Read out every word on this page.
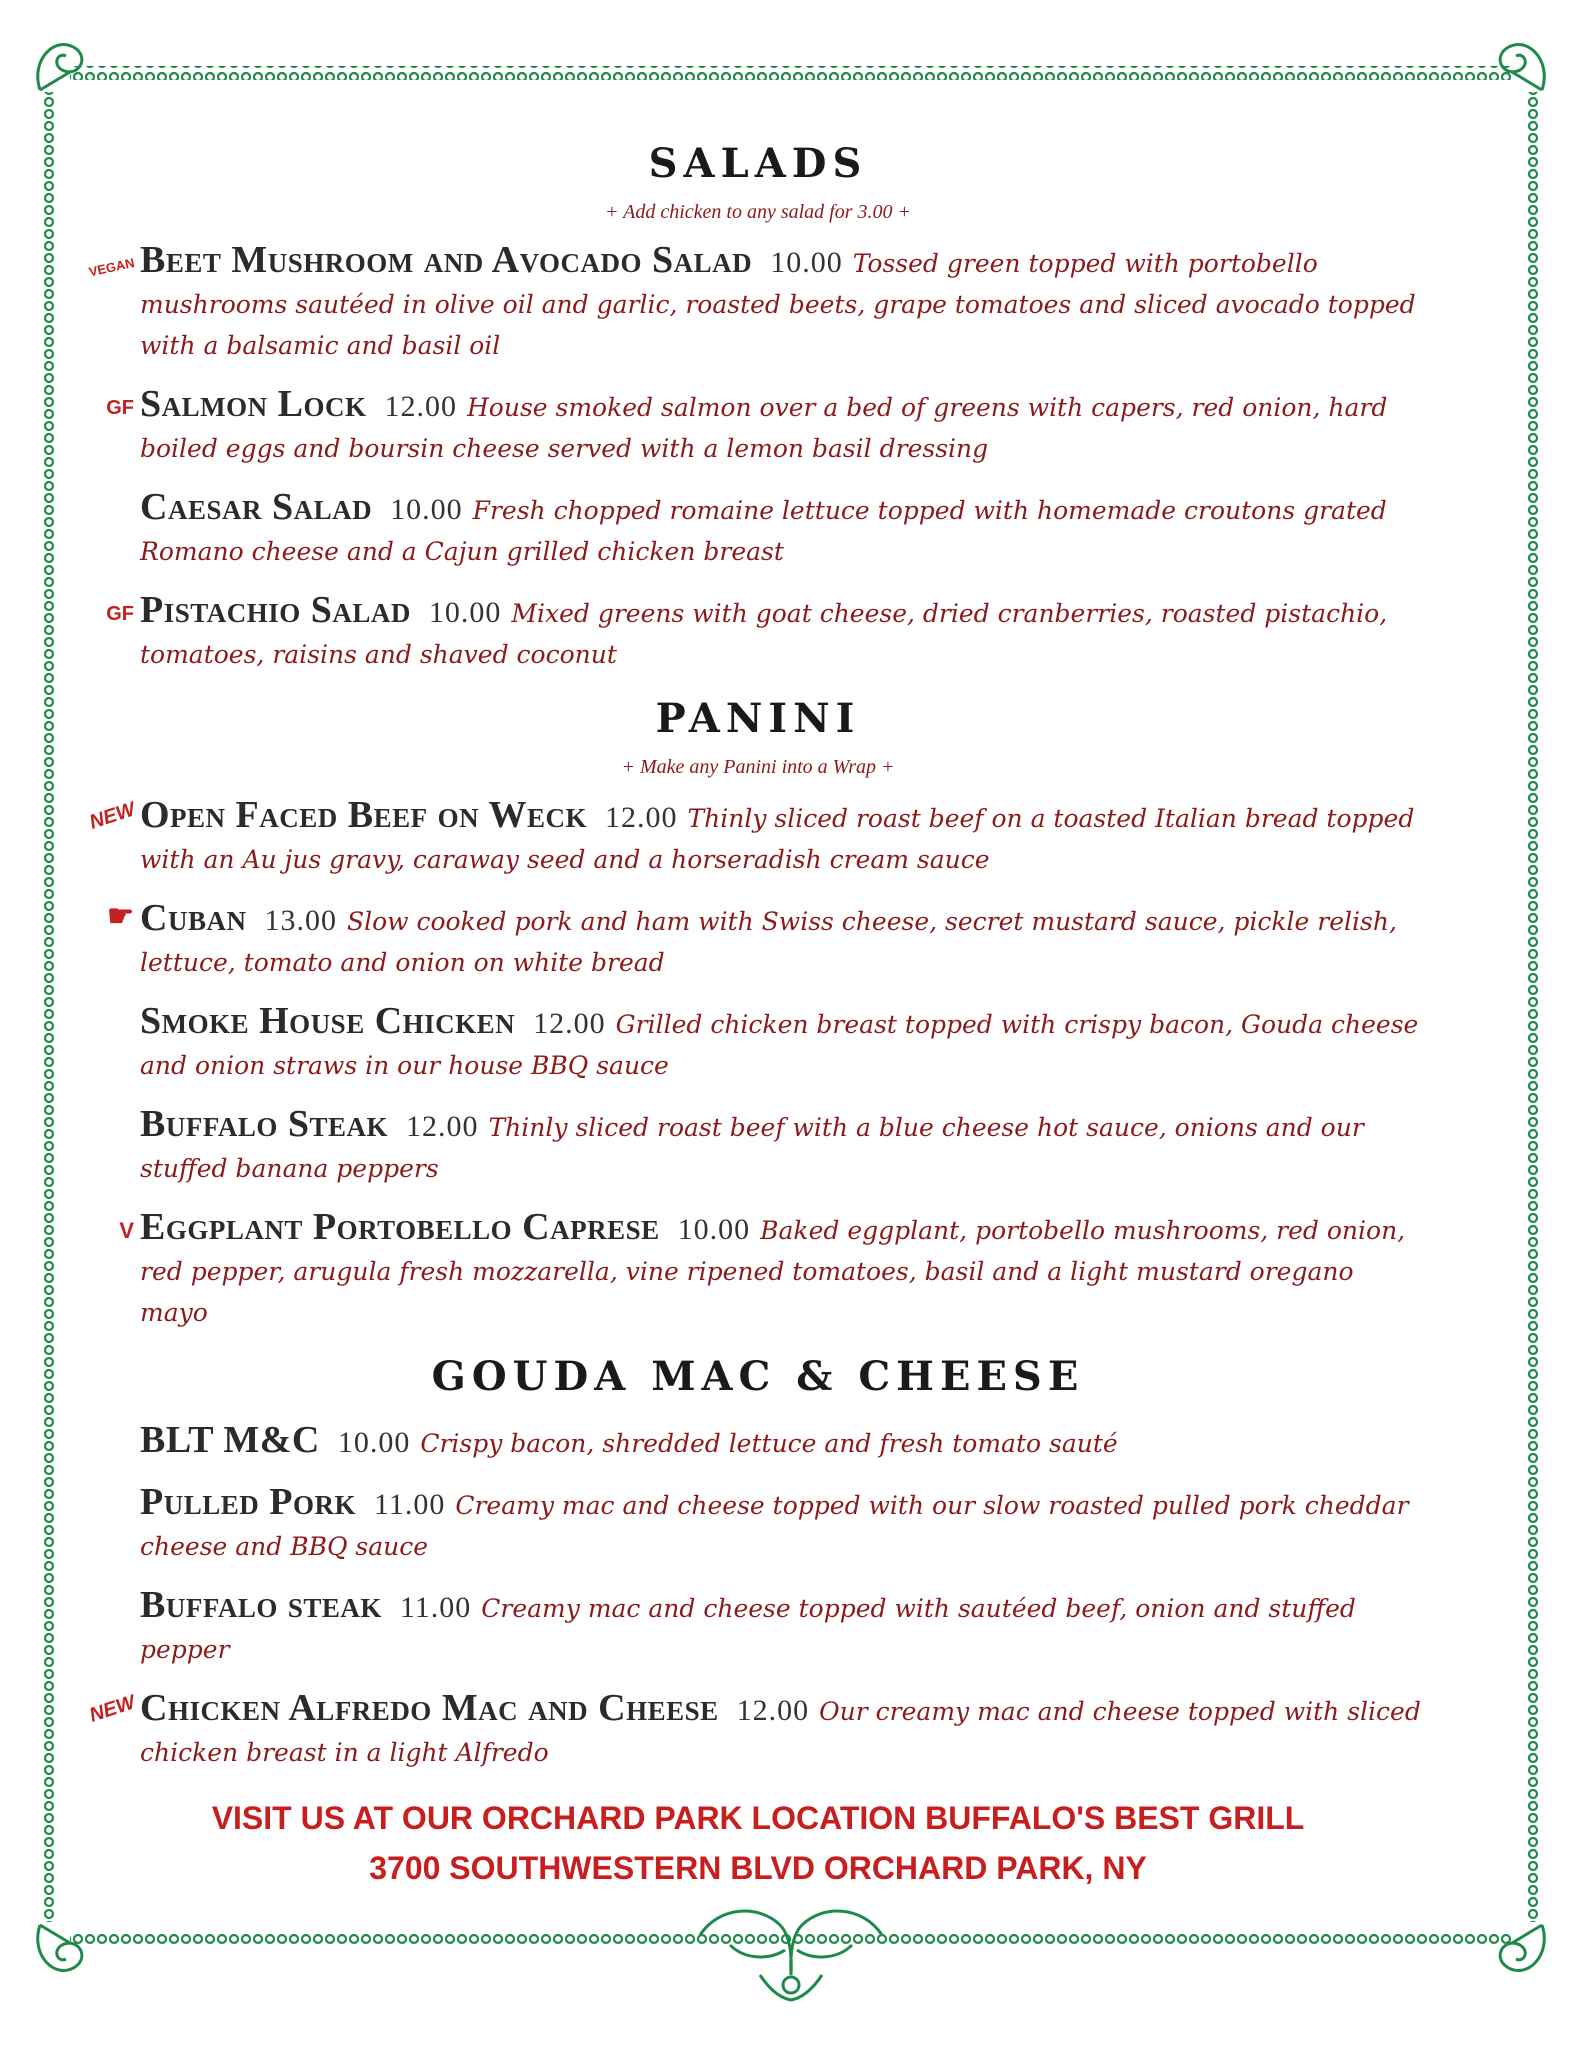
SALADS
+ Add chicken to any salad for 3.00 +
VEGAN Beet Mushroom and Avocado Salad 10.00 Tossed green topped with portobello mushrooms sautéed in olive oil and garlic, roasted beets, grape tomatoes and sliced avocado topped with a balsamic and basil oil
GF Salmon Lock 12.00 House smoked salmon over a bed of greens with capers, red onion, hard boiled eggs and boursin cheese served with a lemon basil dressing
Caesar Salad 10.00 Fresh chopped romaine lettuce topped with homemade croutons grated Romano cheese and a Cajun grilled chicken breast
GF Pistachio Salad 10.00 Mixed greens with goat cheese, dried cranberries, roasted pistachio, tomatoes, raisins and shaved coconut
PANINI
+ Make any Panini into a Wrap +
NEW Open Faced Beef on Weck 12.00 Thinly sliced roast beef on a toasted Italian bread topped with an Au jus gravy, caraway seed and a horseradish cream sauce
☛ Cuban 13.00 Slow cooked pork and ham with Swiss cheese, secret mustard sauce, pickle relish, lettuce, tomato and onion on white bread
Smoke House Chicken 12.00 Grilled chicken breast topped with crispy bacon, Gouda cheese and onion straws in our house BBQ sauce
Buffalo Steak 12.00 Thinly sliced roast beef with a blue cheese hot sauce, onions and our stuffed banana peppers
V Eggplant Portobello Caprese 10.00 Baked eggplant, portobello mushrooms, red onion, red pepper, arugula fresh mozzarella, vine ripened tomatoes, basil and a light mustard oregano mayo
GOUDA MAC & CHEESE
BLT M&C 10.00 Crispy bacon, shredded lettuce and fresh tomato sauté
Pulled Pork 11.00 Creamy mac and cheese topped with our slow roasted pulled pork cheddar cheese and BBQ sauce
Buffalo steak 11.00 Creamy mac and cheese topped with sautéed beef, onion and stuffed pepper
NEW Chicken Alfredo Mac and Cheese 12.00 Our creamy mac and cheese topped with sliced chicken breast in a light Alfredo
VISIT US AT OUR ORCHARD PARK LOCATION BUFFALO'S BEST GRILL
3700 SOUTHWESTERN BLVD ORCHARD PARK, NY
